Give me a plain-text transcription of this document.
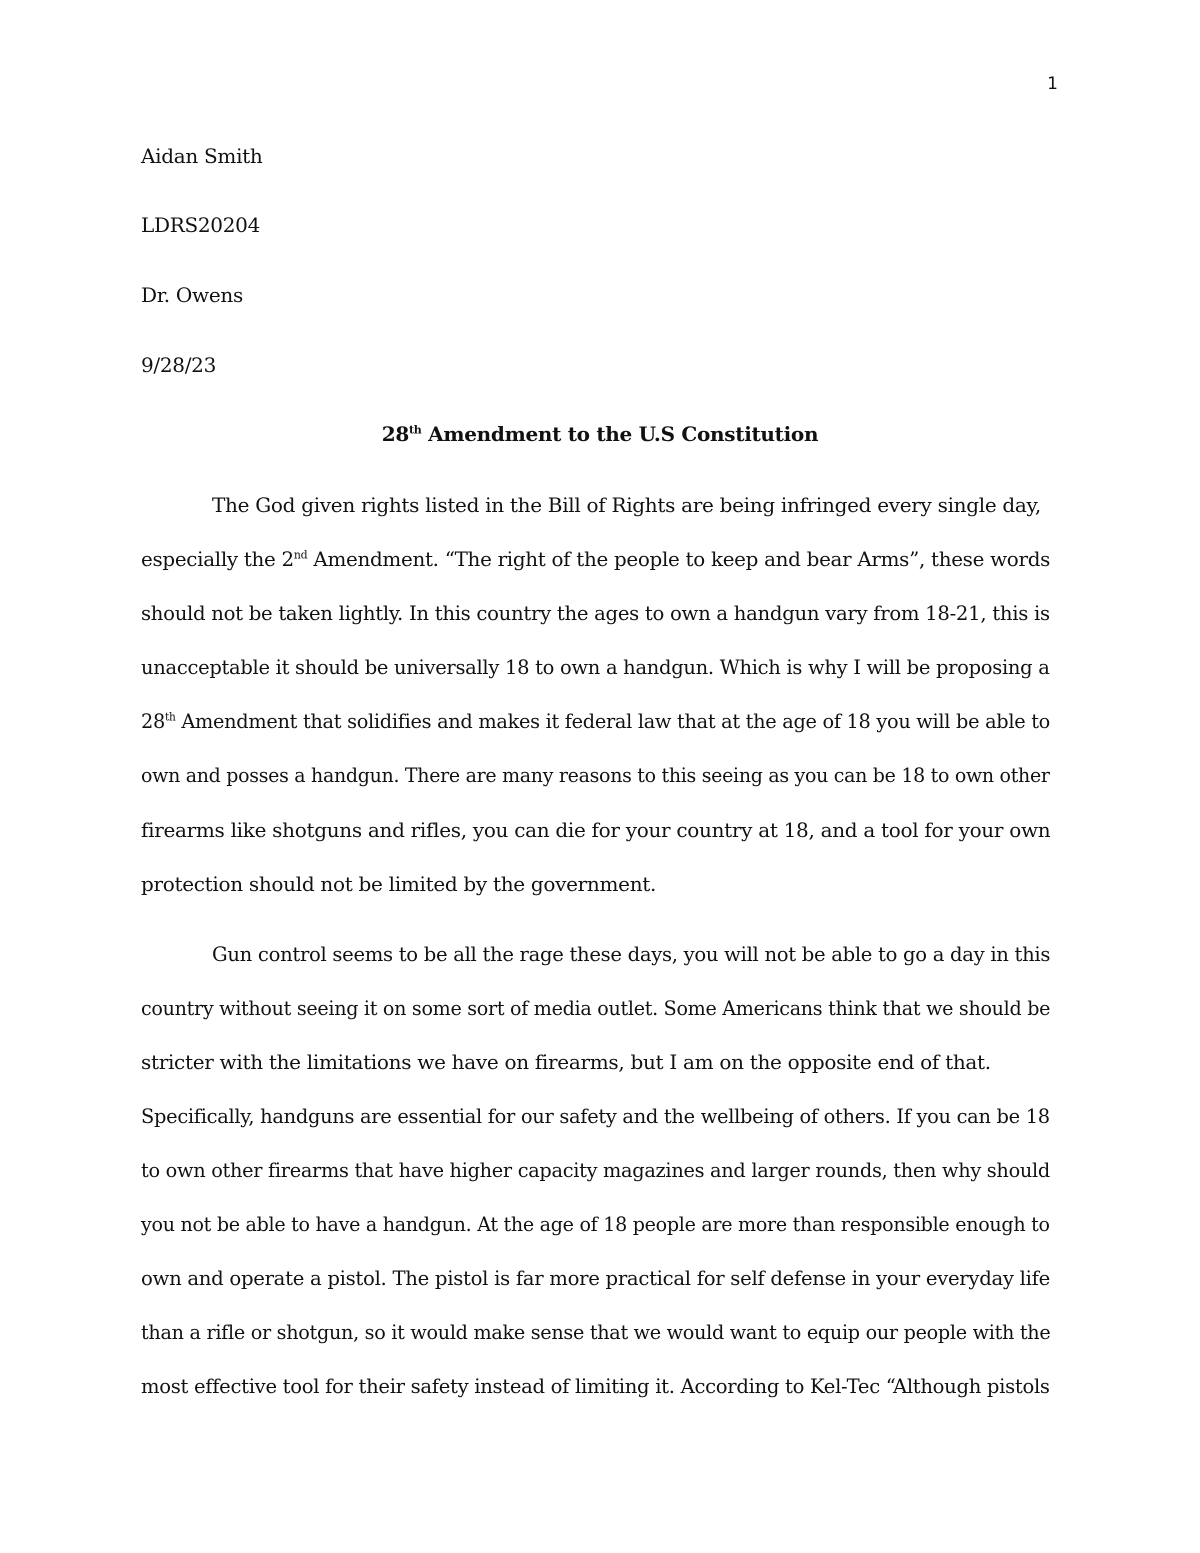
1
Aidan Smith
LDRS20204
Dr. Owens
9/28/23
28th Amendment to the U.S Constitution
The God given rights listed in the Bill of Rights are being infringed every single day,
especially the 2nd Amendment. “The right of the people to keep and bear Arms”, these words
should not be taken lightly. In this country the ages to own a handgun vary from 18-21, this is
unacceptable it should be universally 18 to own a handgun. Which is why I will be proposing a
28th Amendment that solidifies and makes it federal law that at the age of 18 you will be able to
own and posses a handgun. There are many reasons to this seeing as you can be 18 to own other
firearms like shotguns and rifles, you can die for your country at 18, and a tool for your own
protection should not be limited by the government.
Gun control seems to be all the rage these days, you will not be able to go a day in this
country without seeing it on some sort of media outlet. Some Americans think that we should be
stricter with the limitations we have on firearms, but I am on the opposite end of that.
Specifically, handguns are essential for our safety and the wellbeing of others. If you can be 18
to own other firearms that have higher capacity magazines and larger rounds, then why should
you not be able to have a handgun. At the age of 18 people are more than responsible enough to
own and operate a pistol. The pistol is far more practical for self defense in your everyday life
than a rifle or shotgun, so it would make sense that we would want to equip our people with the
most effective tool for their safety instead of limiting it. According to Kel-Tec “Although pistols
